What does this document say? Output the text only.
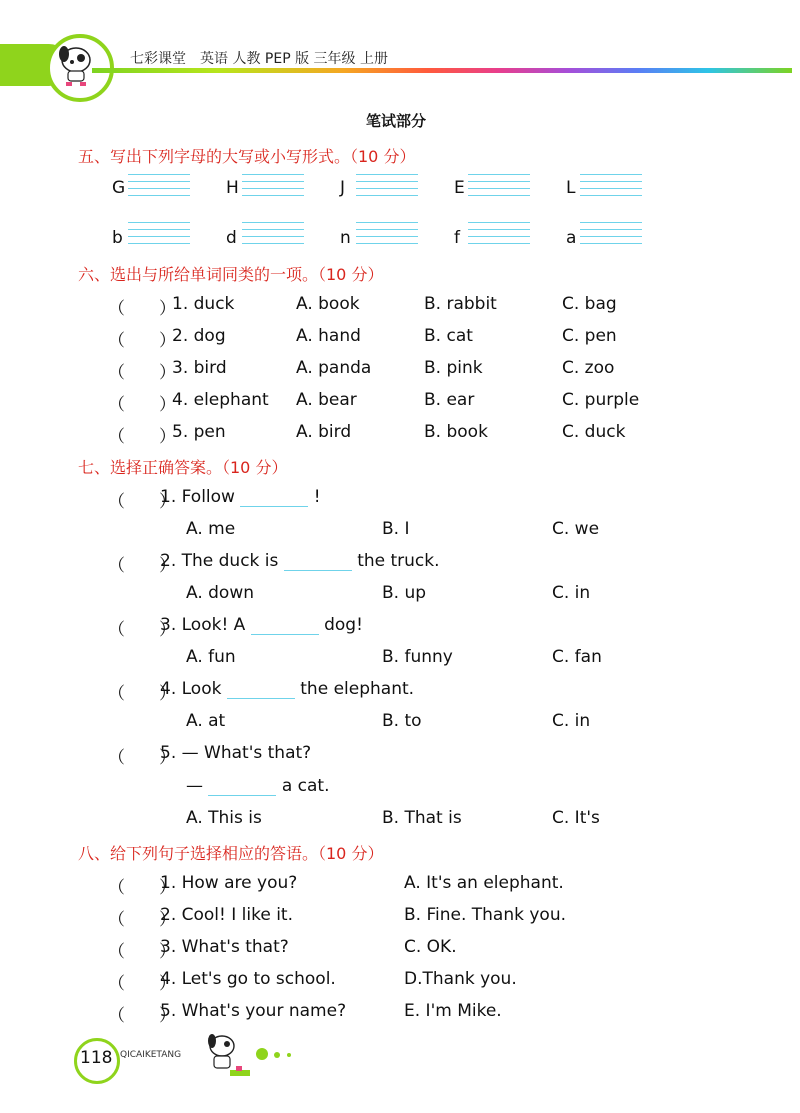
七彩课堂　英语 人教 PEP 版 三年级 上册
笔试部分
五、写出下列字母的大写或小写形式。（10 分）
G	H	J	E	L
b	d	n	f	a
六、选出与所给单词同类的一项。（10 分）
（　　）
1. duck	A. book	B. rabbit	C. bag
（　　）
2. dog	A. hand	B. cat	C. pen
（　　）
3. bird	A. panda	B. pink	C. zoo
（　　）
4. elephant A. bear	B. ear	C. purple
（　　）
5. pen	A. bird	B. book	C. duck
七、选择正确答案。（10 分）
（　　）
1. Follow	!
A. me	B. I	C. we
（　　）
2. The duck is	the truck.
A. down	B. up	C. in
（　　）
3. Look! A	dog!
A. fun	B. funny	C. fan
（　　）
4. Look	the elephant.
A. at	B. to	C. in
（　　）
5. — What's that?
—	a cat.
A. This is	B. That is	C. It's
八、给下列句子选择相应的答语。（10 分）
（　　）
1. How are you?	A. It's an elephant.
（　　）
2. Cool! I like it.	B. Fine. Thank you.
（　　）
3. What's that?	C. OK.
（　　）
4. Let's go to school.	D.Thank you.
（　　）
5. What's your name?	E. I'm Mike.
118 QICAIKETANG
